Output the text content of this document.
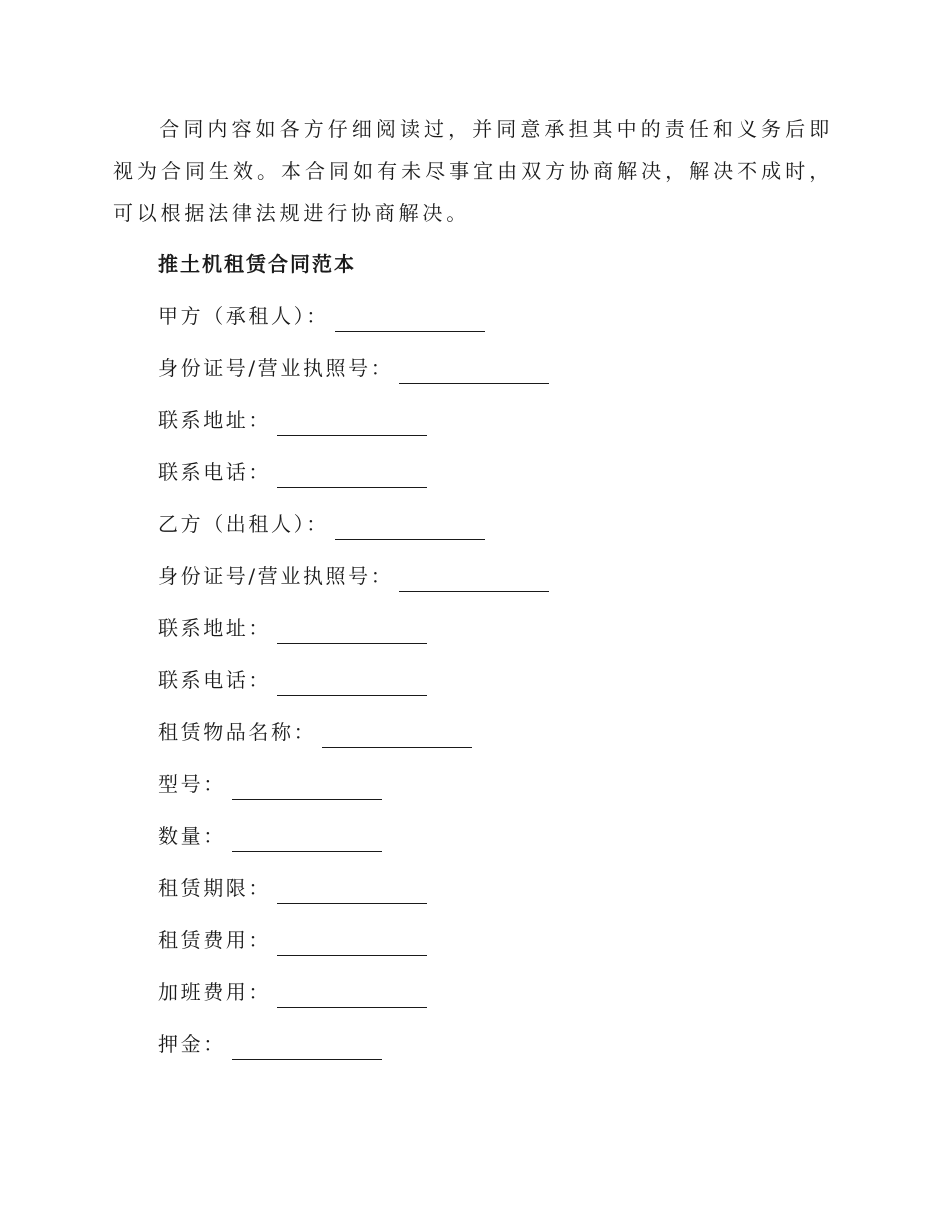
合同内容如各方仔细阅读过，并同意承担其中的责任和义务后即视为合同生效。本合同如有未尽事宜由双方协商解决，解决不成时，可以根据法律法规进行协商解决。

推土机租赁合同范本
甲方（承租人）：
身份证号/营业执照号：
联系地址：
联系电话：
乙方（出租人）：
身份证号/营业执照号：
联系地址：
联系电话：
租赁物品名称：
型号：
数量：
租赁期限：
租赁费用：
加班费用：
押金：
